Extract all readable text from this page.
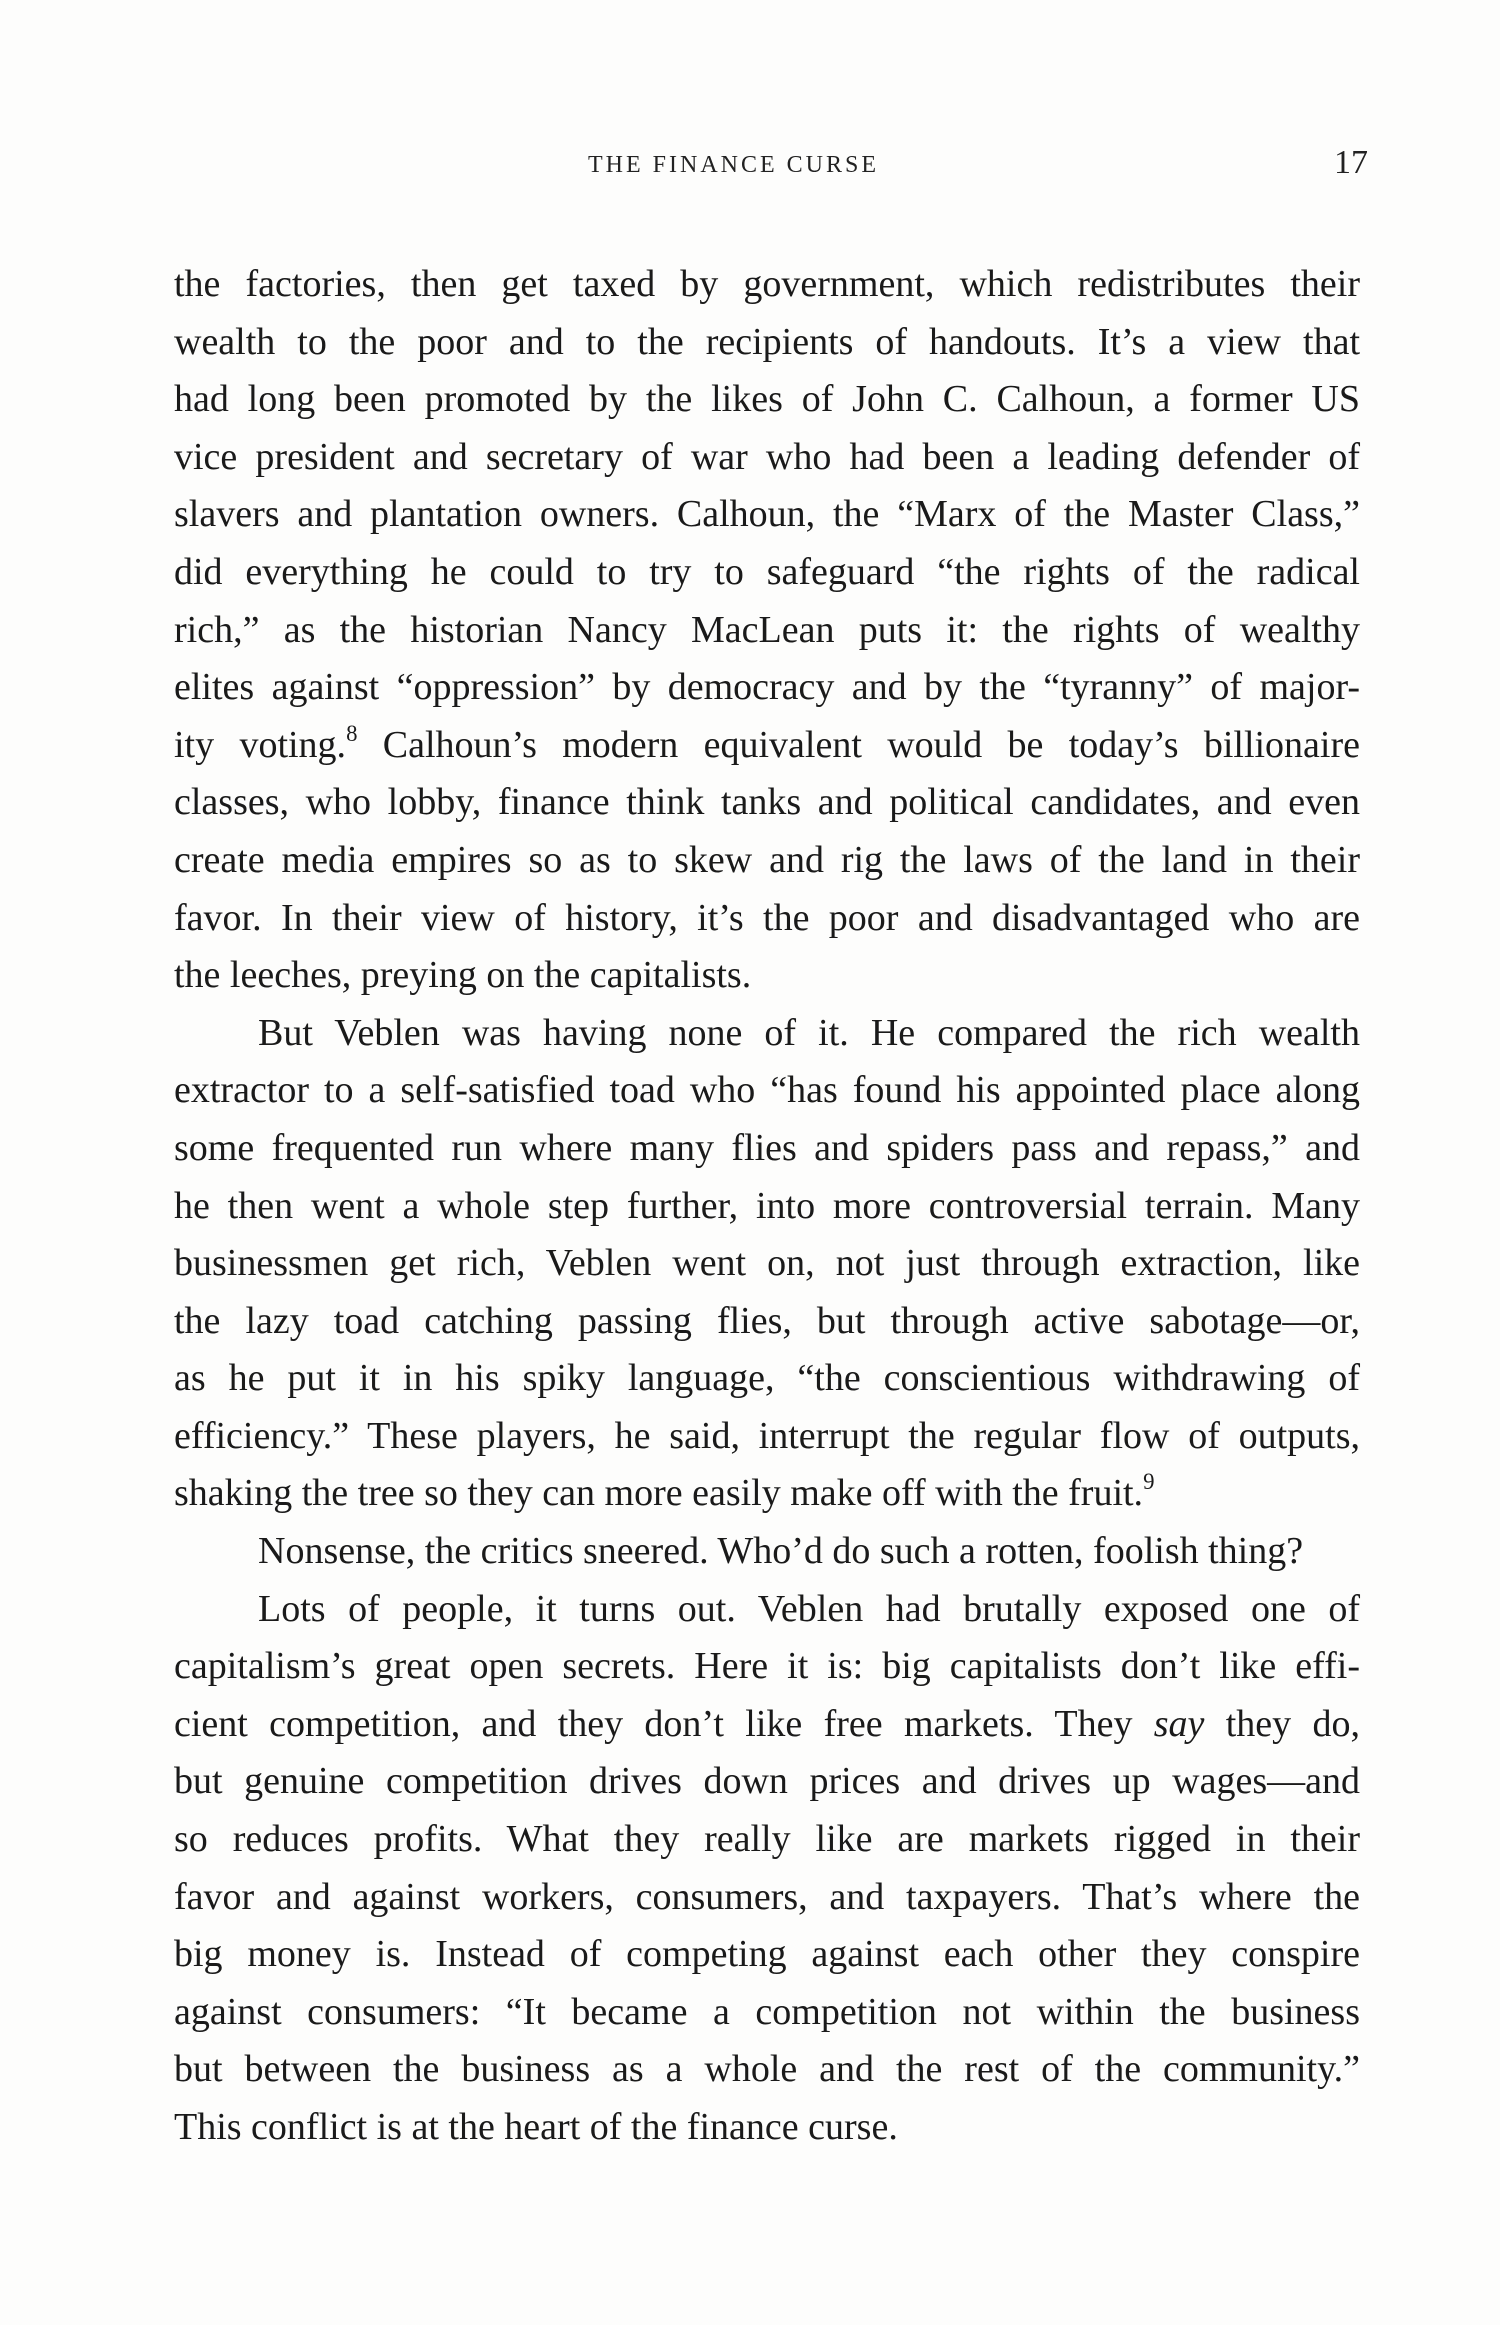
THE FINANCE CURSE	17
the factories, then get taxed by government, which redistributes their
wealth to the poor and to the recipients of handouts. It’s a view that
had long been promoted by the likes of John C. Calhoun, a former US
vice president and secretary of war who had been a leading defender of
slavers and plantation owners. Calhoun, the “Marx of the Master Class,”
did everything he could to try to safeguard “the rights of the radical
rich,” as the historian Nancy MacLean puts it: the rights of wealthy
elites against “oppression” by democracy and by the “tyranny” of major-
ity voting.$^8$ Calhoun’s modern equivalent would be today’s billionaire
classes, who lobby, finance think tanks and political candidates, and even
create media empires so as to skew and rig the laws of the land in their
favor. In their view of history, it’s the poor and disadvantaged who are
the leeches, preying on the capitalists.
But Veblen was having none of it. He compared the rich wealth
extractor to a self-satisfied toad who “has found his appointed place along
some frequented run where many flies and spiders pass and repass,” and
he then went a whole step further, into more controversial terrain. Many
businessmen get rich, Veblen went on, not just through extraction, like
the lazy toad catching passing flies, but through active sabotage—or,
as he put it in his spiky language, “the conscientious withdrawing of
efficiency.” These players, he said, interrupt the regular flow of outputs,
shaking the tree so they can more easily make off with the fruit.$^9$
Nonsense, the critics sneered. Who’d do such a rotten, foolish thing?
Lots of people, it turns out. Veblen had brutally exposed one of
capitalism’s great open secrets. Here it is: big capitalists don’t like effi-
cient competition, and they don’t like free markets. They say they do,
but genuine competition drives down prices and drives up wages—and
so reduces profits. What they really like are markets rigged in their
favor and against workers, consumers, and taxpayers. That’s where the
big money is. Instead of competing against each other they conspire
against consumers: “It became a competition not within the business
but between the business as a whole and the rest of the community.”
This conflict is at the heart of the finance curse.
